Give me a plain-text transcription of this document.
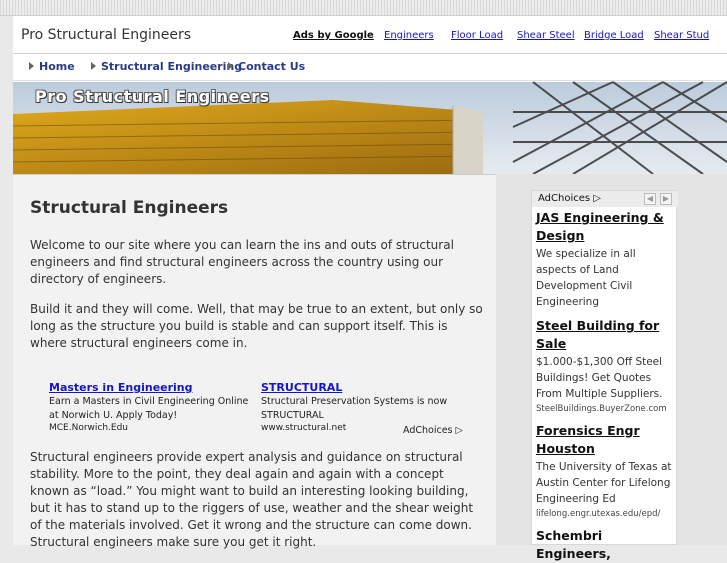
Pro Structural Engineers	Ads by Google Engineers Floor Load Shear Steel Bridge Load Shear Stud
Home	Structural Engineering
Contact Us
Pro Structural Engineers
Structural Engineers

Welcome to our site where you can learn the ins and outs of structural engineers and find structural engineers across the country using our directory of engineers.

Build it and they will come. Well, that may be true to an extent, but only so long as the structure you build is stable and can support itself. This is where structural engineers come in.

Masters in Engineering
Earn a Masters in Civil Engineering Online at Norwich U. Apply Today!
MCE.Norwich.Edu
STRUCTURAL
Structural Preservation Systems is now STRUCTURAL
www.structural.net	AdChoices ▷

Structural engineers provide expert analysis and guidance on structural stability. More to the point, they deal again and again with a concept known as “load.” You might want to build an interesting looking building, but it has to stand up to the riggers of use, weather and the shear weight of the materials involved. Get it wrong and the structure can come down. Structural engineers make sure you get it right.

AdChoices ▷	◀	▶
JAS Engineering & Design
We specialize in all aspects of Land Development Civil Engineering
Steel Building for Sale
$1.000-$1,300 Off Steel Buildings! Get Quotes From Multiple Suppliers.
SteelBuildings.BuyerZone.com
Forensics Engr Houston
The University of Texas at Austin Center for Lifelong Engineering Ed
lifelong.engr.utexas.edu/epd/
Schembri Engineers,
